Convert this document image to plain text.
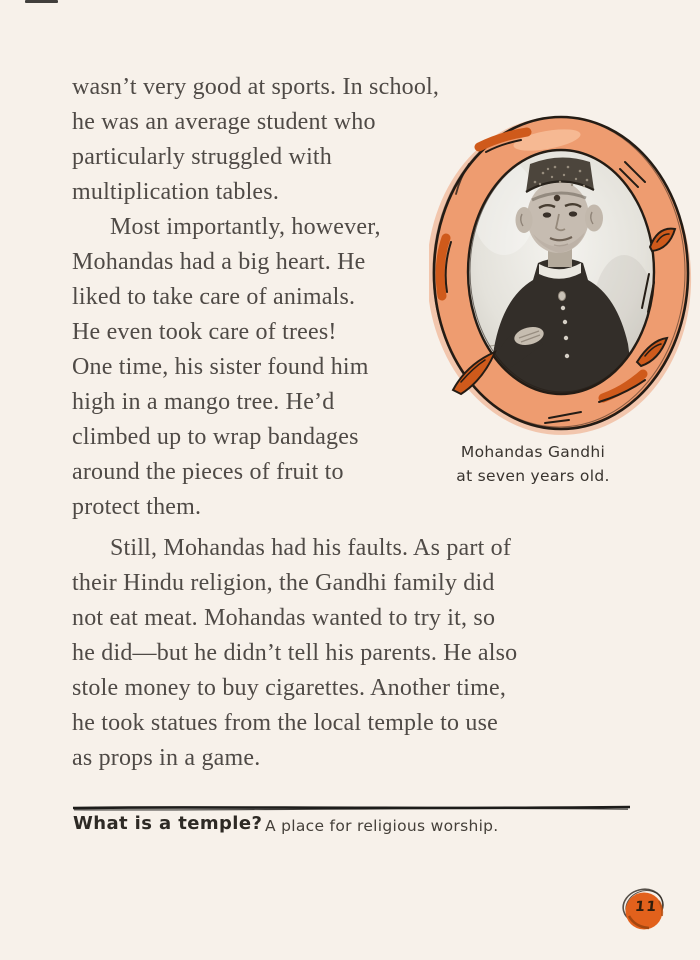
wasn’t very good at sports. In school,
he was an average student who
particularly struggled with
multiplication tables.
Most importantly, however,
Mohandas had a big heart. He
liked to take care of animals.
He even took care of trees!
One time, his sister found him
high in a mango tree. He’d
climbed up to wrap bandages
around the pieces of fruit to
protect them.
Still, Mohandas had his faults. As part of
their Hindu religion, the Gandhi family did
not eat meat. Mohandas wanted to try it, so
he did—but he didn’t tell his parents. He also
stole money to buy cigarettes. Another time,
he took statues from the local temple to use
as props in a game.
Mohandas Gandhi
at seven years old.
What is a temple? A place for religious worship.
11
